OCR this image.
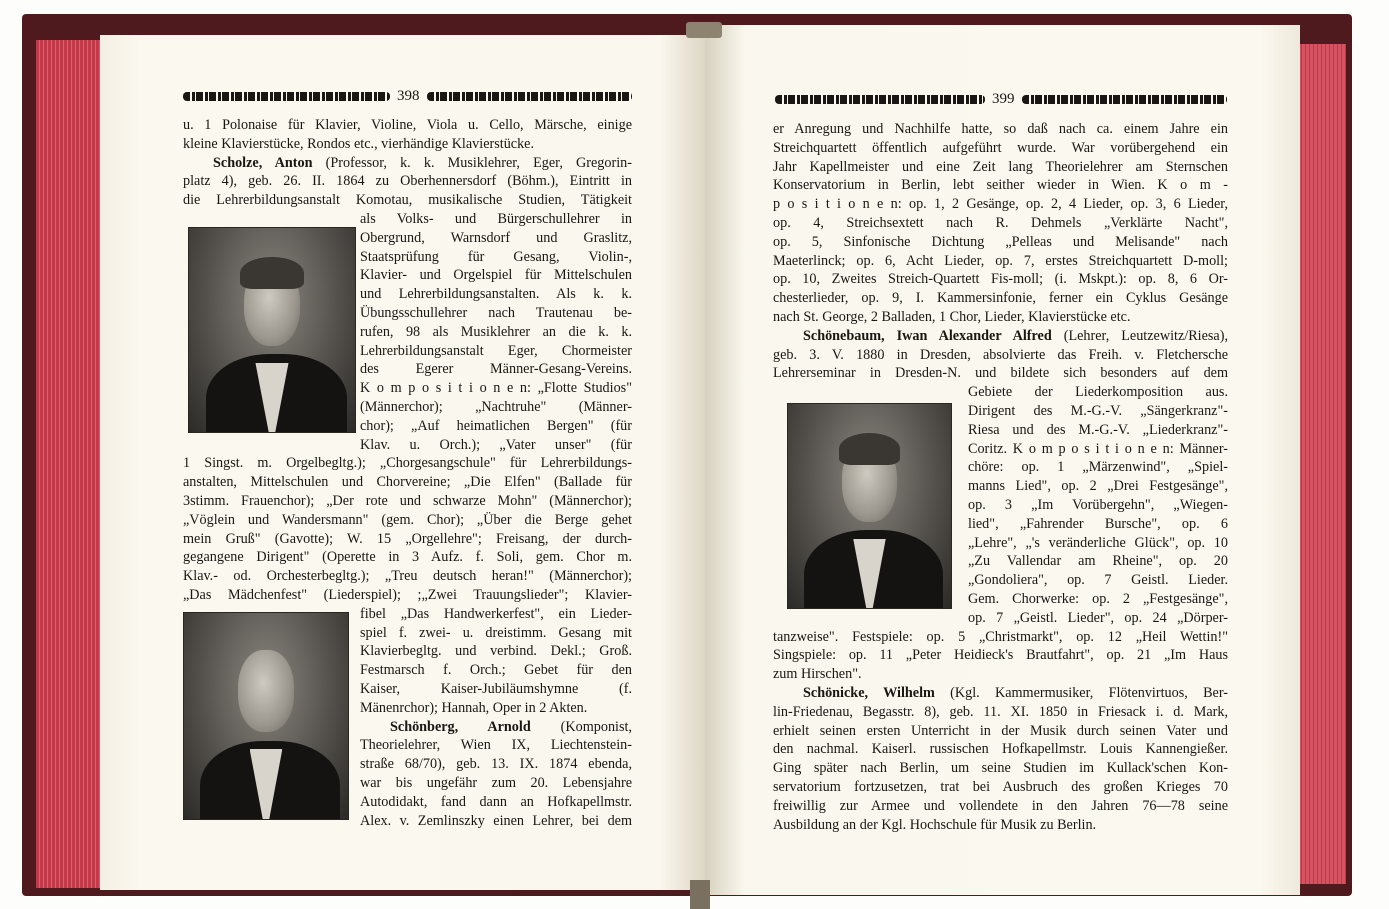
398	399
u. 1 Polonaise für Klavier, Violine, Viola u. Cello, Märsche, einige
kleine Klavierstücke, Rondos etc., vierhändige Klavierstücke.
Scholze, Anton (Professor, k. k. Musiklehrer, Eger, Gregorin-
platz 4), geb. 26. II. 1864 zu Oberhennersdorf (Böhm.), Eintritt in
die Lehrerbildungsanstalt Komotau, musikalische Studien, Tätigkeit
als Volks- und Bürgerschullehrer in
Obergrund, Warnsdorf und Graslitz,
Staatsprüfung für Gesang, Violin-,
Klavier- und Orgelspiel für Mittelschulen
und Lehrerbildungsanstalten. Als k. k.
Übungsschullehrer nach Trautenau be-
rufen, 98 als Musiklehrer an die k. k.
Lehrerbildungsanstalt Eger, Chormeister
des Egerer Männer-Gesang-Vereins.
K o m p o s i t i o n e n: „Flotte Studios"
(Männerchor); „Nachtruhe" (Männer-
chor); „Auf heimatlichen Bergen" (für
Klav. u. Orch.); „Vater unser" (für
1 Singst. m. Orgelbegltg.); „Chorgesangschule" für Lehrerbildungs-
anstalten, Mittelschulen und Chorvereine; „Die Elfen" (Ballade für
3stimm. Frauenchor); „Der rote und schwarze Mohn" (Männerchor);
„Vöglein und Wandersmann" (gem. Chor); „Über die Berge gehet
mein Gruß" (Gavotte); W. 15 „Orgellehre"; Freisang, der durch-
gegangene Dirigent" (Operette in 3 Aufz. f. Soli, gem. Chor m.
Klav.- od. Orchesterbegltg.); „Treu deutsch heran!" (Männerchor);
„Das Mädchenfest" (Liederspiel); ;„Zwei Trauungslieder"; Klavier-
fibel „Das Handwerkerfest", ein Lieder-
spiel f. zwei- u. dreistimm. Gesang mit
Klavierbegltg. und verbind. Dekl.; Groß.
Festmarsch f. Orch.; Gebet für den
Kaiser, Kaiser-Jubiläumshymne (f.
Mänenrchor); Hannah, Oper in 2 Akten.
Schönberg, Arnold (Komponist,
Theorielehrer, Wien IX, Liechtenstein-
straße 68/70), geb. 13. IX. 1874 ebenda,
war bis ungefähr zum 20. Lebensjahre
Autodidakt, fand dann an Hofkapellmstr.
Alex. v. Zemlinszky einen Lehrer, bei dem
er Anregung und Nachhilfe hatte, so daß nach ca. einem Jahre ein
Streichquartett öffentlich aufgeführt wurde. War vorübergehend ein
Jahr Kapellmeister und eine Zeit lang Theorielehrer am Sternschen
Konservatorium in Berlin, lebt seither wieder in Wien. K o m -
p o s i t i o n e n: op. 1, 2 Gesänge, op. 2, 4 Lieder, op. 3, 6 Lieder,
op. 4, Streichsextett nach R. Dehmels „Verklärte Nacht",
op. 5, Sinfonische Dichtung „Pelleas und Melisande" nach
Maeterlinck; op. 6, Acht Lieder, op. 7, erstes Streichquartett D-moll;
op. 10, Zweites Streich-Quartett Fis-moll; (i. Mskpt.): op. 8, 6 Or-
chesterlieder, op. 9, I. Kammersinfonie, ferner ein Cyklus Gesänge
nach St. George, 2 Balladen, 1 Chor, Lieder, Klavierstücke etc.
Schönebaum, Iwan Alexander Alfred (Lehrer, Leutzewitz/Riesa),
geb. 3. V. 1880 in Dresden, absolvierte das Freih. v. Fletchersche
Lehrerseminar in Dresden-N. und bildete sich besonders auf dem
Gebiete der Liederkomposition aus.
Dirigent des M.-G.-V. „Sängerkranz"-
Riesa und des M.-G.-V. „Liederkranz"-
Coritz. K o m p o s i t i o n e n: Männer-
chöre: op. 1 „Märzenwind", „Spiel-
manns Lied", op. 2 „Drei Festgesänge",
op. 3 „Im Vorübergehn", „Wiegen-
lied", „Fahrender Bursche", op. 6
„Lehre", „'s veränderliche Glück", op. 10
„Zu Vallendar am Rheine", op. 20
„Gondoliera", op. 7 Geistl. Lieder.
Gem. Chorwerke: op. 2 „Festgesänge",
op. 7 „Geistl. Lieder", op. 24 „Dörper-
tanzweise". Festspiele: op. 5 „Christmarkt", op. 12 „Heil Wettin!"
Singspiele: op. 11 „Peter Heidieck's Brautfahrt", op. 21 „Im Haus
zum Hirschen".
Schönicke, Wilhelm (Kgl. Kammermusiker, Flötenvirtuos, Ber-
lin-Friedenau, Begasstr. 8), geb. 11. XI. 1850 in Friesack i. d. Mark,
erhielt seinen ersten Unterricht in der Musik durch seinen Vater und
den nachmal. Kaiserl. russischen Hofkapellmstr. Louis Kannengießer.
Ging später nach Berlin, um seine Studien im Kullack'schen Kon-
servatorium fortzusetzen, trat bei Ausbruch des großen Krieges 70
freiwillig zur Armee und vollendete in den Jahren 76—78 seine
Ausbildung an der Kgl. Hochschule für Musik zu Berlin.
